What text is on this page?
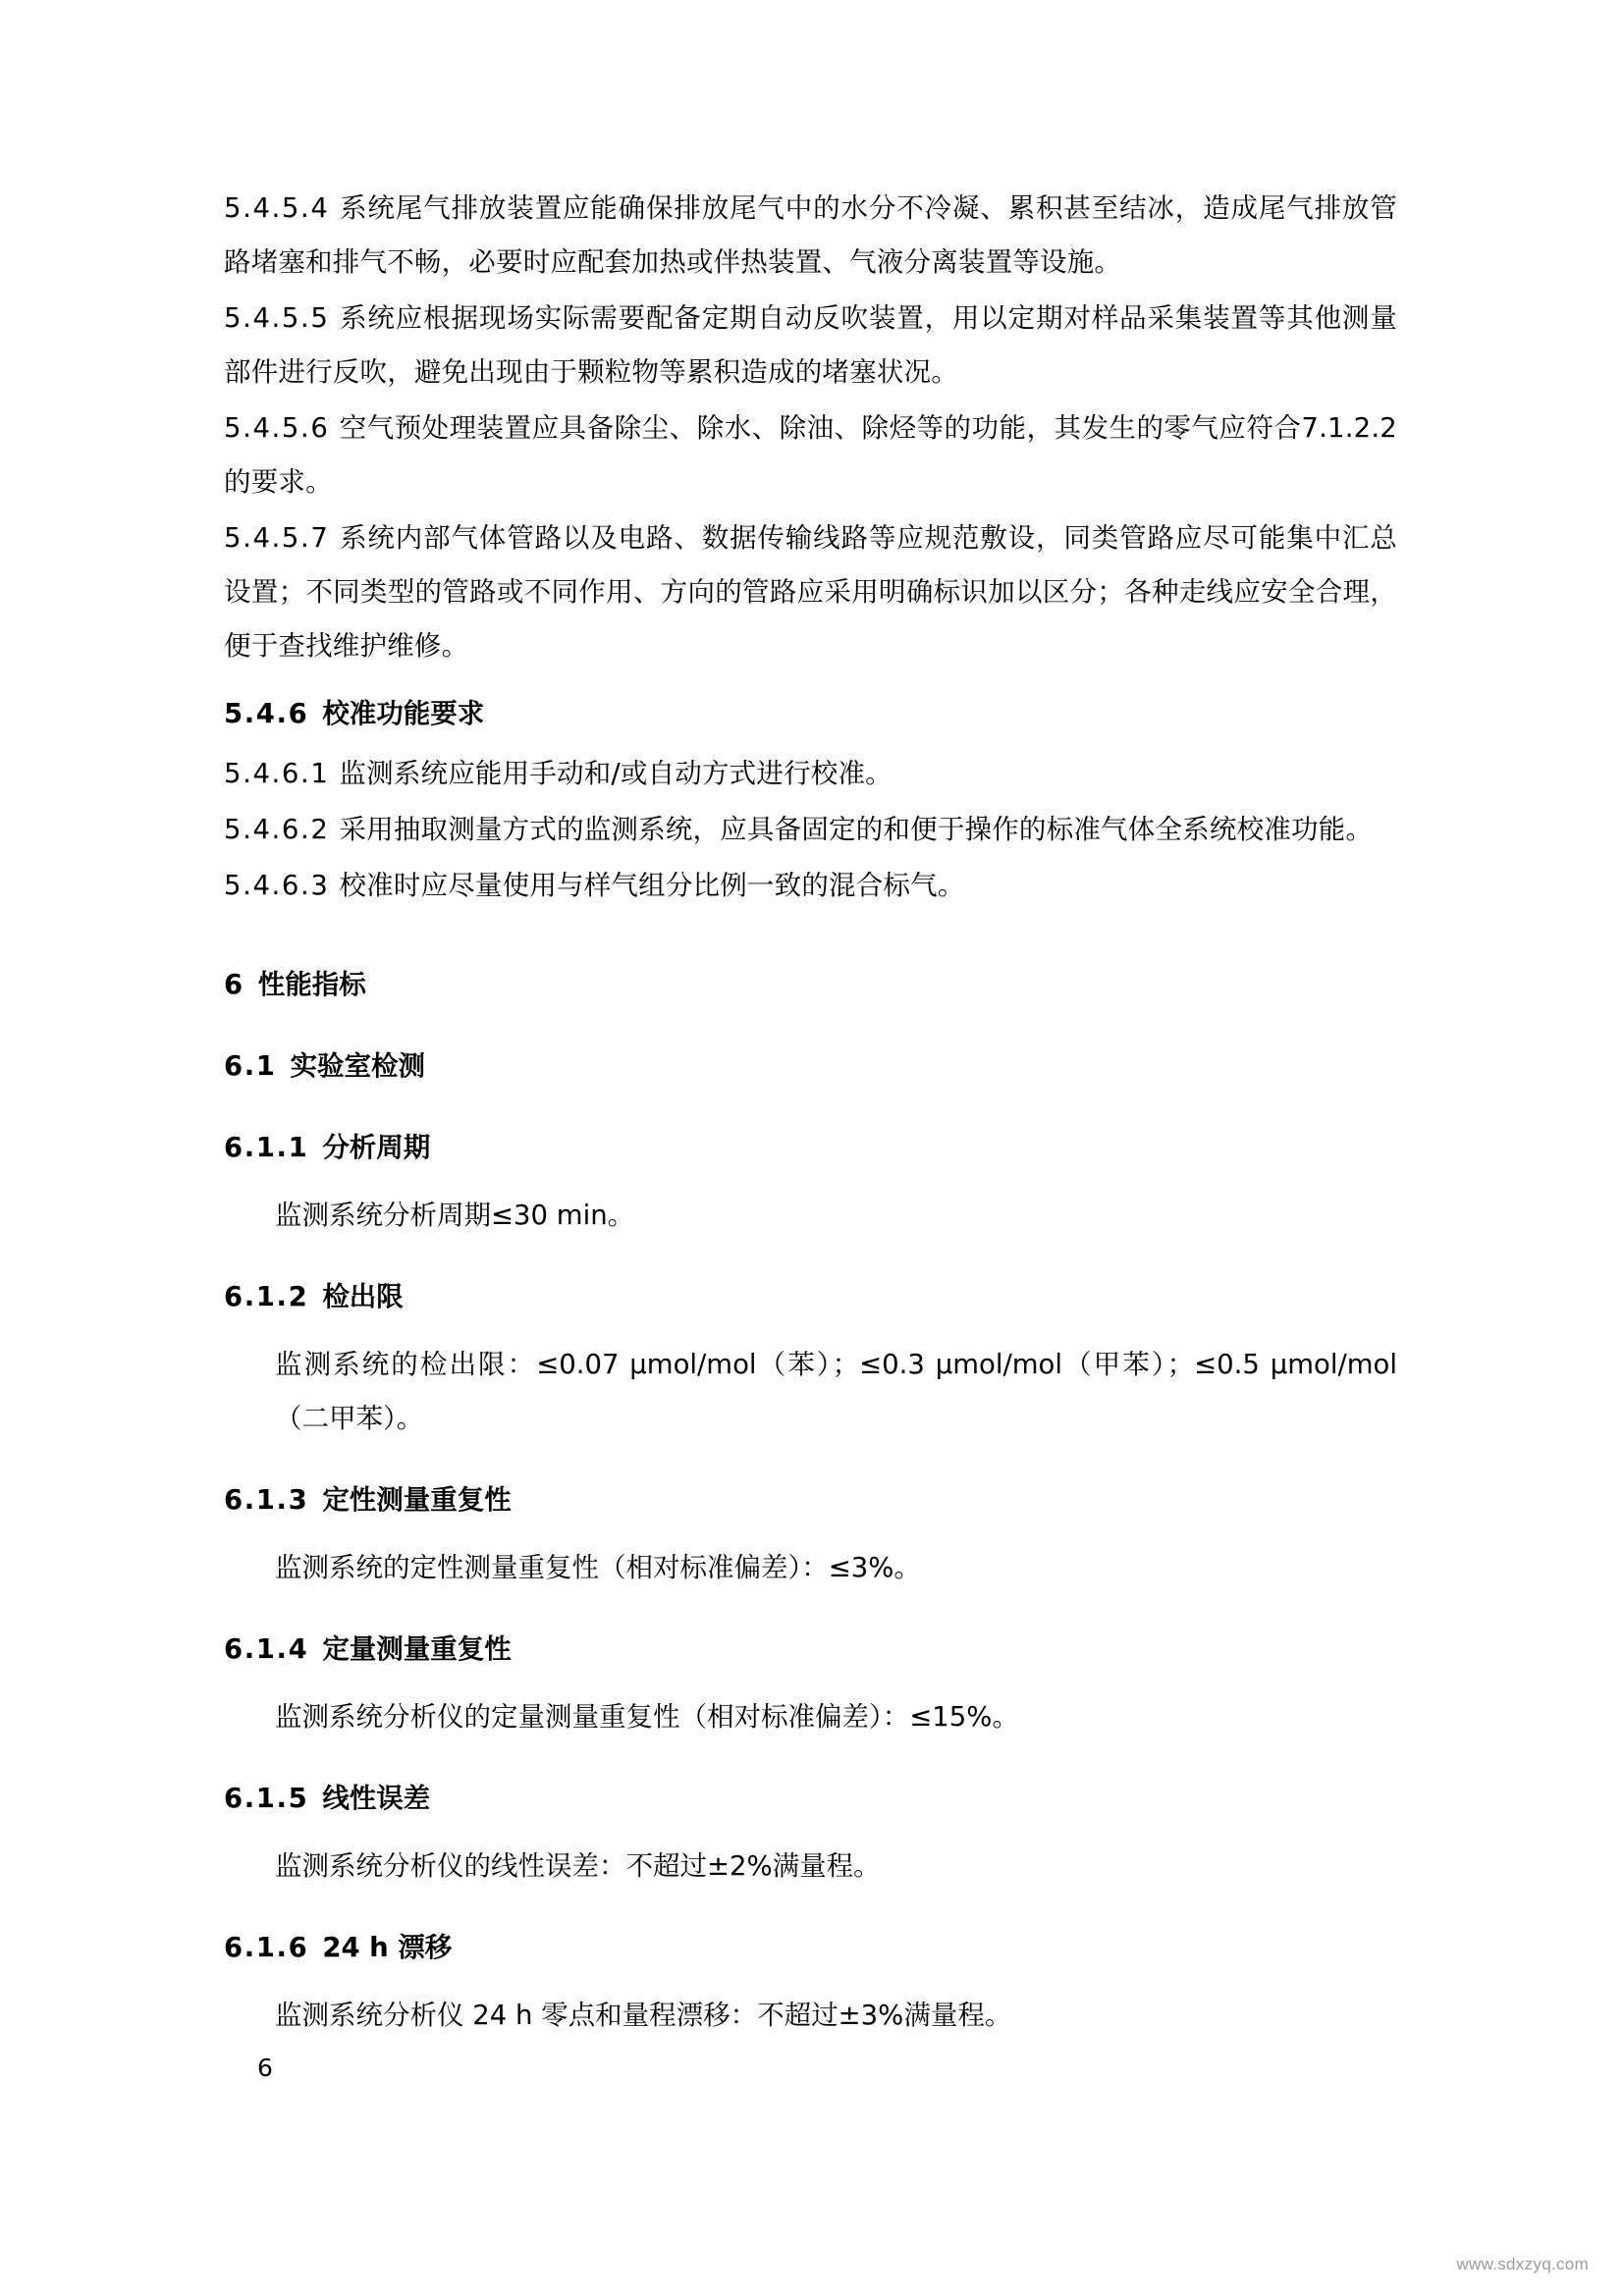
5.4.5.4 系统尾气排放装置应能确保排放尾气中的水分不冷凝、累积甚至结冰，造成尾气排放管路堵塞和排气不畅，必要时应配套加热或伴热装置、气液分离装置等设施。

5.4.5.5 系统应根据现场实际需要配备定期自动反吹装置，用以定期对样品采集装置等其他测量部件进行反吹，避免出现由于颗粒物等累积造成的堵塞状况。

5.4.5.6 空气预处理装置应具备除尘、除水、除油、除烃等的功能，其发生的零气应符合7.1.2.2 的要求。

5.4.5.7 系统内部气体管路以及电路、数据传输线路等应规范敷设，同类管路应尽可能集中汇总设置；不同类型的管路或不同作用、方向的管路应采用明确标识加以区分；各种走线应安全合理，便于查找维护维修。

5.4.6 校准功能要求

5.4.6.1 监测系统应能用手动和/或自动方式进行校准。

5.4.6.2 采用抽取测量方式的监测系统，应具备固定的和便于操作的标准气体全系统校准功能。

5.4.6.3 校准时应尽量使用与样气组分比例一致的混合标气。

6 性能指标

6.1 实验室检测

6.1.1 分析周期

监测系统分析周期≤30 min。

6.1.2 检出限

监测系统的检出限：≤0.07 μmol/mol（苯）；≤0.3 μmol/mol（甲苯）；≤0.5 μmol/mol（二甲苯）。

6.1.3 定性测量重复性

监测系统的定性测量重复性（相对标准偏差）：≤3%。

6.1.4 定量测量重复性

监测系统分析仪的定量测量重复性（相对标准偏差）：≤15%。

6.1.5 线性误差

监测系统分析仪的线性误差：不超过±2%满量程。

6.1.6 24 h 漂移

监测系统分析仪 24 h 零点和量程漂移：不超过±3%满量程。

6
www.sdxzyq.com
